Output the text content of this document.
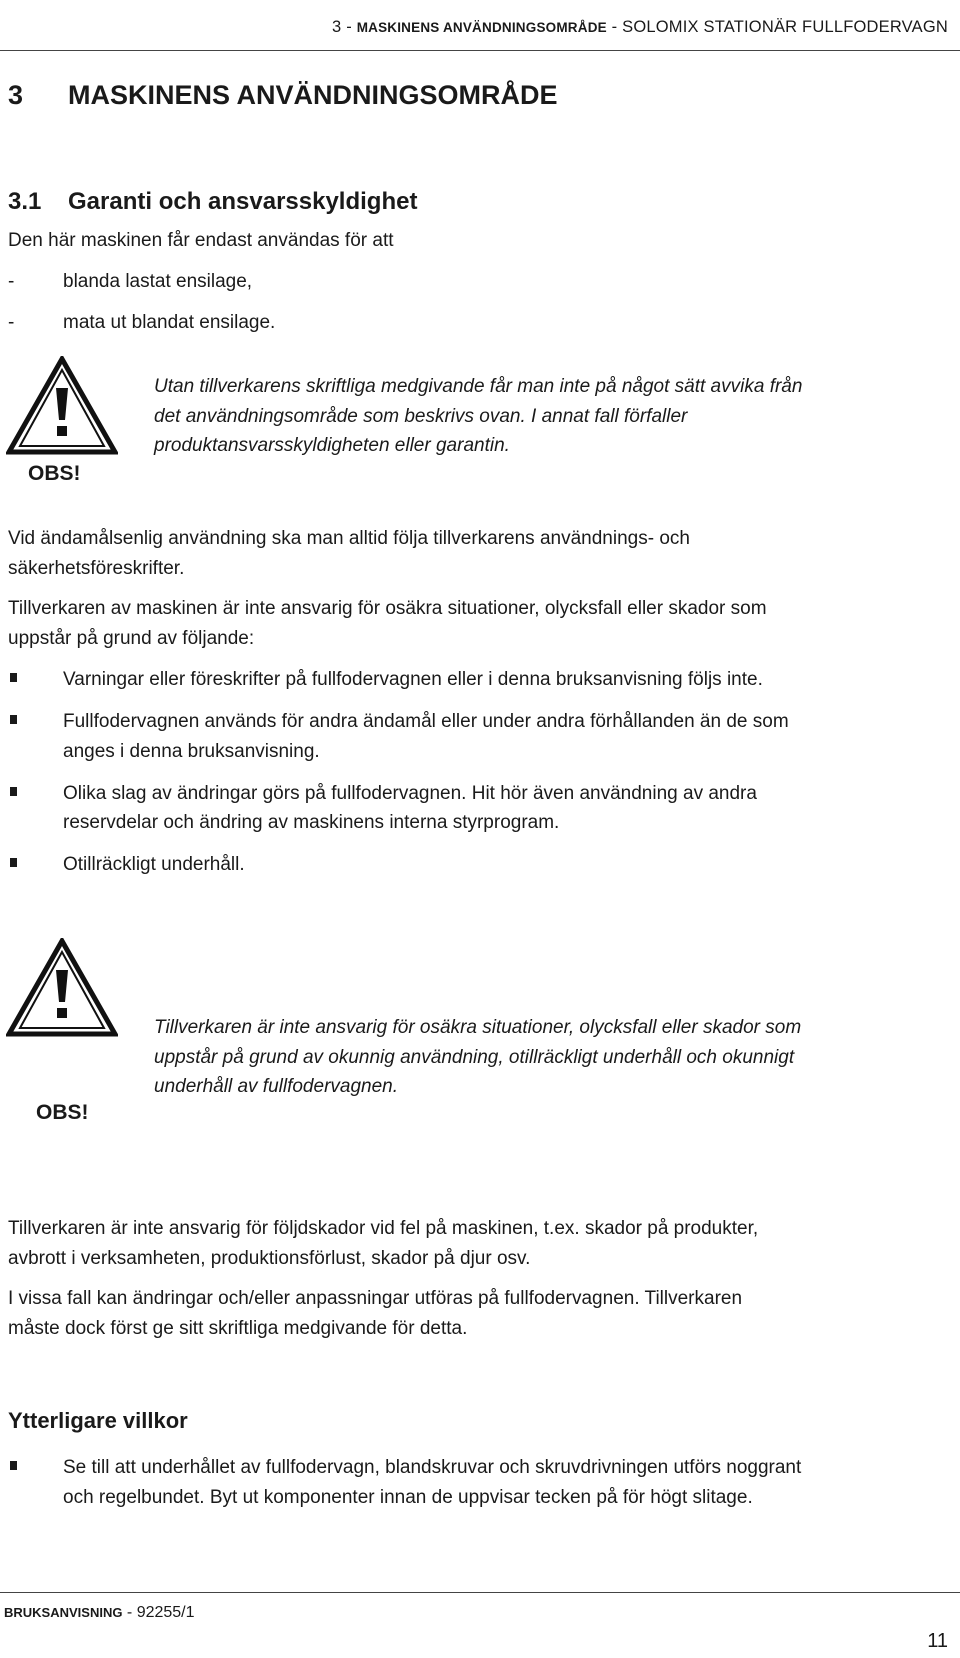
3 - MASKINENS ANVÄNDNINGSOMRÅDE - SOLOMIX STATIONÄR FULLFODERVAGN
3	MASKINENS ANVÄNDNINGSOMRÅDE
3.1	Garanti och ansvarsskyldighet
Den här maskinen får endast användas för att
-	blanda lastat ensilage,
-	mata ut blandat ensilage.
OBS!
Utan tillverkarens skriftliga medgivande får man inte på något sätt avvika från
det användningsområde som beskrivs ovan. I annat fall förfaller
produktansvarsskyldigheten eller garantin.
Vid ändamålsenlig användning ska man alltid följa tillverkarens användnings- och
säkerhetsföreskrifter.
Tillverkaren av maskinen är inte ansvarig för osäkra situationer, olycksfall eller skador som
uppstår på grund av följande:
Varningar eller föreskrifter på fullfodervagnen eller i denna bruksanvisning följs inte.
Fullfodervagnen används för andra ändamål eller under andra förhållanden än de som
anges i denna bruksanvisning.
Olika slag av ändringar görs på fullfodervagnen. Hit hör även användning av andra
reservdelar och ändring av maskinens interna styrprogram.
Otillräckligt underhåll.
OBS!
Tillverkaren är inte ansvarig för osäkra situationer, olycksfall eller skador som
uppstår på grund av okunnig användning, otillräckligt underhåll och okunnigt
underhåll av fullfodervagnen.
Tillverkaren är inte ansvarig för följdskador vid fel på maskinen, t.ex. skador på produkter,
avbrott i verksamheten, produktionsförlust, skador på djur osv.
I vissa fall kan ändringar och/eller anpassningar utföras på fullfodervagnen. Tillverkaren
måste dock först ge sitt skriftliga medgivande för detta.
Ytterligare villkor
Se till att underhållet av fullfodervagn, blandskruvar och skruvdrivningen utförs noggrant
och regelbundet. Byt ut komponenter innan de uppvisar tecken på för högt slitage.
BRUKSANVISNING - 92255/1
11
